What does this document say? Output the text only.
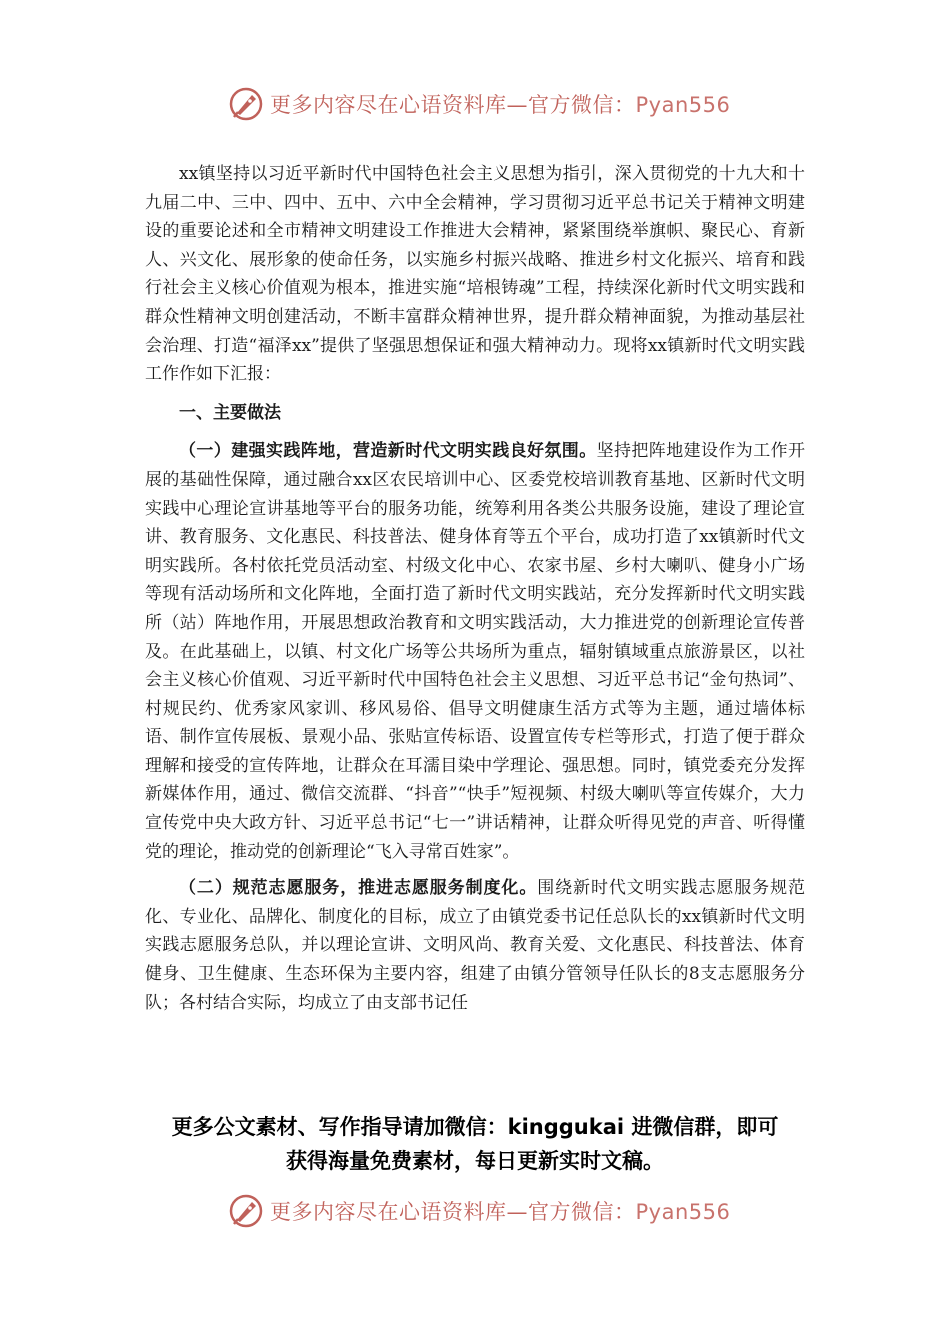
更多内容尽在心语资料库—官方微信：Pyan556

xx镇坚持以习近平新时代中国特色社会主义思想为指引，深入贯彻党的十九大和十九届二中、三中、四中、五中、六中全会精神，学习贯彻习近平总书记关于精神文明建设的重要论述和全市精神文明建设工作推进大会精神，紧紧围绕举旗帜、聚民心、育新人、兴文化、展形象的使命任务，以实施乡村振兴战略、推进乡村文化振兴、培育和践行社会主义核心价值观为根本，推进实施“培根铸魂”工程，持续深化新时代文明实践和群众性精神文明创建活动，不断丰富群众精神世界，提升群众精神面貌，为推动基层社会治理、打造“福泽xx”提供了坚强思想保证和强大精神动力。现将xx镇新时代文明实践工作作如下汇报：

一、主要做法

（一）建强实践阵地，营造新时代文明实践良好氛围。坚持把阵地建设作为工作开展的基础性保障，通过融合xx区农民培训中心、区委党校培训教育基地、区新时代文明实践中心理论宣讲基地等平台的服务功能，统筹利用各类公共服务设施，建设了理论宣讲、教育服务、文化惠民、科技普法、健身体育等五个平台，成功打造了xx镇新时代文明实践所。各村依托党员活动室、村级文化中心、农家书屋、乡村大喇叭、健身小广场等现有活动场所和文化阵地，全面打造了新时代文明实践站，充分发挥新时代文明实践所（站）阵地作用，开展思想政治教育和文明实践活动，大力推进党的创新理论宣传普及。在此基础上，以镇、村文化广场等公共场所为重点，辐射镇域重点旅游景区，以社会主义核心价值观、习近平新时代中国特色社会主义思想、习近平总书记“金句热词”、村规民约、优秀家风家训、移风易俗、倡导文明健康生活方式等为主题，通过墙体标语、制作宣传展板、景观小品、张贴宣传标语、设置宣传专栏等形式，打造了便于群众理解和接受的宣传阵地，让群众在耳濡目染中学理论、强思想。同时，镇党委充分发挥新媒体作用，通过、微信交流群、“抖音”“快手”短视频、村级大喇叭等宣传媒介，大力宣传党中央大政方针、习近平总书记“七一”讲话精神，让群众听得见党的声音、听得懂党的理论，推动党的创新理论“飞入寻常百姓家”。

（二）规范志愿服务，推进志愿服务制度化。围绕新时代文明实践志愿服务规范化、专业化、品牌化、制度化的目标，成立了由镇党委书记任总队长的xx镇新时代文明实践志愿服务总队，并以理论宣讲、文明风尚、教育关爱、文化惠民、科技普法、体育健身、卫生健康、生态环保为主要内容，组建了由镇分管领导任队长的8支志愿服务分队；各村结合实际，均成立了由支部书记任

更多公文素材、写作指导请加微信：kinggukai 进微信群，即可
获得海量免费素材，每日更新实时文稿。
更多内容尽在心语资料库—官方微信：Pyan556
